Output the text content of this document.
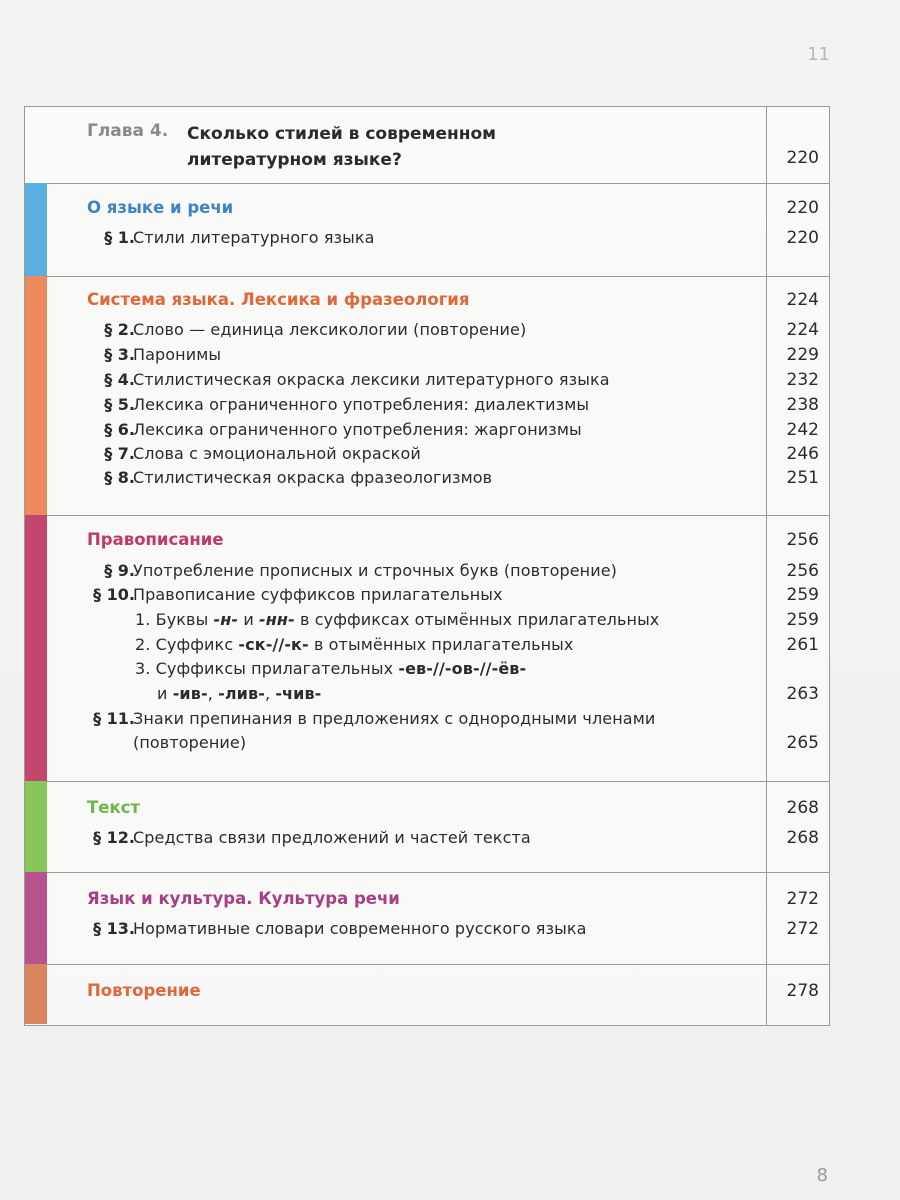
11
Глава 4. Сколько стилей в современном
литературном языке?	220
О языке и речи	220
§ 1.
Стили литературного языка	220
Система языка. Лексика и фразеология	224
§ 2.
Слово — единица лексикологии (повторение)	224
§ 3.
Паронимы	229
§ 4.
Стилистическая окраска лексики литературного языка	232
§ 5.
Лексика ограниченного употребления: диалектизмы	238
§ 6.
Лексика ограниченного употребления: жаргонизмы	242
§ 7.
Слова с эмоциональной окраской	246
§ 8.
Стилистическая окраска фразеологизмов	251
Правописание	256
§ 9.
Употребление прописных и строчных букв (повторение)	256
§ 10.
Правописание суффиксов прилагательных	259
1. Буквы -н- и -нн- в суффиксах отымённых прилагательных	259
2. Суффикс -ск-//-к- в отымённых прилагательных	261
3. Суффиксы прилагательных -ев-//-ов-//-ёв-
и -ив-, -лив-, -чив-	263
§ 11.
Знаки препинания в предложениях с однородными членами
(повторение)	265
Текст	268
§ 12.
Средства связи предложений и частей текста	268
Язык и культура. Культура речи	272
§ 13.
Нормативные словари современного русского языка	272
Повторение	278
8
